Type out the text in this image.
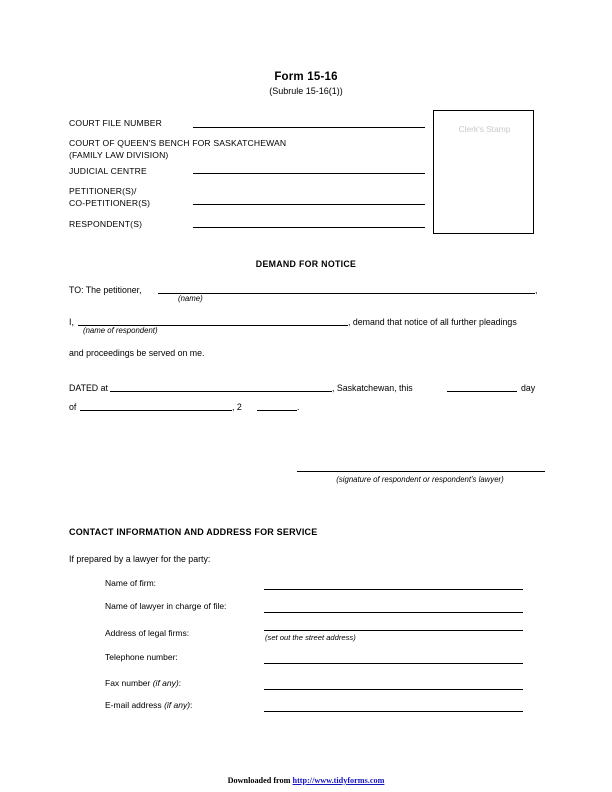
Form 15-16
(Subrule 15-16(1))
Clerk's Stamp
COURT FILE NUMBER
COURT OF QUEEN'S BENCH FOR SASKATCHEWAN
(FAMILY LAW DIVISION)
JUDICIAL CENTRE
PETITIONER(S)/
CO-PETITIONER(S)
RESPONDENT(S)
DEMAND FOR NOTICE
TO: The petitioner,	,
(name)
I,	, demand that notice of all further pleadings
(name of respondent)
and proceedings be served on me.
DATED at	, Saskatchewan, this	day
of	, 2	.
(signature of respondent or respondent's lawyer)
CONTACT INFORMATION AND ADDRESS FOR SERVICE
If prepared by a lawyer for the party:
Name of firm:
Name of lawyer in charge of file:
Address of legal firms:	(set out the street address)
Telephone number:
Fax number (if any):
E-mail address (if any):
Downloaded from http://www.tidyforms.com
